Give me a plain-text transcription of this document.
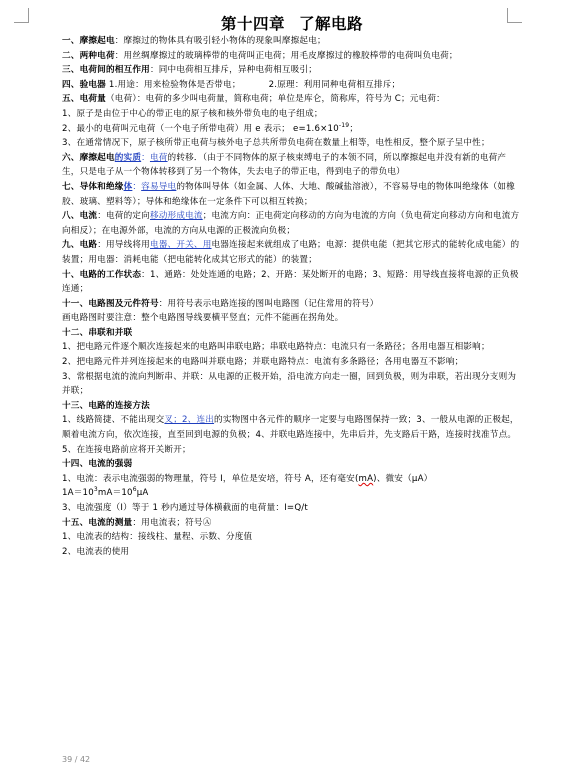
第十四章 了解电路

一、摩擦起电：摩擦过的物体具有吸引轻小物体的现象叫摩擦起电；

二、两种电荷：用丝绸摩擦过的玻璃棒带的电荷叫正电荷；用毛皮摩擦过的橡胶棒带的电荷叫负电荷；

三、电荷间的相互作用：同中电荷相互排斥，异种电荷相互吸引；

四、验电器 1.用途：用来检验物体是否带电；	2.原理：利用同种电荷相互排斥；

五、电荷量（电荷）：电荷的多少叫电荷量，简称电荷；单位是库仑，简称库，符号为 C；元电荷：

1、原子是由位于中心的带正电的原子核和核外带负电的电子组成；

2、最小的电荷叫元电荷（一个电子所带电荷）用 e 表示； $e=1.6\times 10^{-19}$；

3、在通常情况下，原子核所带正电荷与核外电子总共所带负电荷在数量上相等，电性相反，整个原子呈中性；

六、摩擦起电的实质：电荷的转移．（由于不同物体的原子核束缚电子的本领不同，所以摩擦起电并没有新的电荷产生，只是电子从一个物体转移到了另一个物体，失去电子的带正电，得到电子的带负电）

七、导体和绝缘体：容易导电的物体叫导体（如金属、人体、大地、酸碱盐溶液），不容易导电的物体叫绝缘体（如橡胶、玻璃、塑料等）；导体和绝缘体在一定条件下可以相互转换；

八、电流：电荷的定向移动形成电流；电流方向：正电荷定向移动的方向为电流的方向（负电荷定向移动方向和电流方向相反）；在电源外部，电流的方向从电源的正极流向负极；

九、电路：用导线将用电器、开关、用电器连接起来就组成了电路；电源：提供电能（把其它形式的能转化成电能）的装置；用电器：消耗电能（把电能转化成其它形式的能）的装置；

十、电路的工作状态：1、通路：处处连通的电路；2、开路：某处断开的电路；3、短路：用导线直接将电源的正负极连通；

十一、电路图及元件符号：用符号表示电路连接的图叫电路图（记住常用的符号）

画电路图时要注意：整个电路图导线要横平竖直；元件不能画在拐角处。

十二、串联和并联

1、把电路元件逐个顺次连接起来的电路叫串联电路；串联电路特点：电流只有一条路径；各用电器互相影响；

2、把电路元件并列连接起来的电路叫并联电路；并联电路特点：电流有多条路径；各用电器互不影响；

3、常根据电流的流向判断串、并联：从电源的正极开始，沿电流方向走一圈，回到负极，则为串联，若出现分支则为并联；

十三、电路的连接方法

1、线路简捷、不能出现交叉；2、连出的实物图中各元件的顺序一定要与电路图保持一致；3、一般从电源的正极起，顺着电流方向，依次连接，直至回到电源的负极；4、并联电路连接中，先串后并，先支路后干路，连接时找准节点。5、在连接电路前应将开关断开；

十四、电流的强弱

1、电流：表示电流强弱的物理量，符号 I，单位是安培，符号 A，还有毫安(mA)、微安（μA）

$1A=10^3mA=10^6\mu A$

3、电流强度（I）等于 1 秒内通过导体横截面的电荷量：I=Q/t

十五、电流的测量：用电流表；符号Ⓐ

1、电流表的结构：接线柱、量程、示数、分度值

2、电流表的使用

39 / 42
